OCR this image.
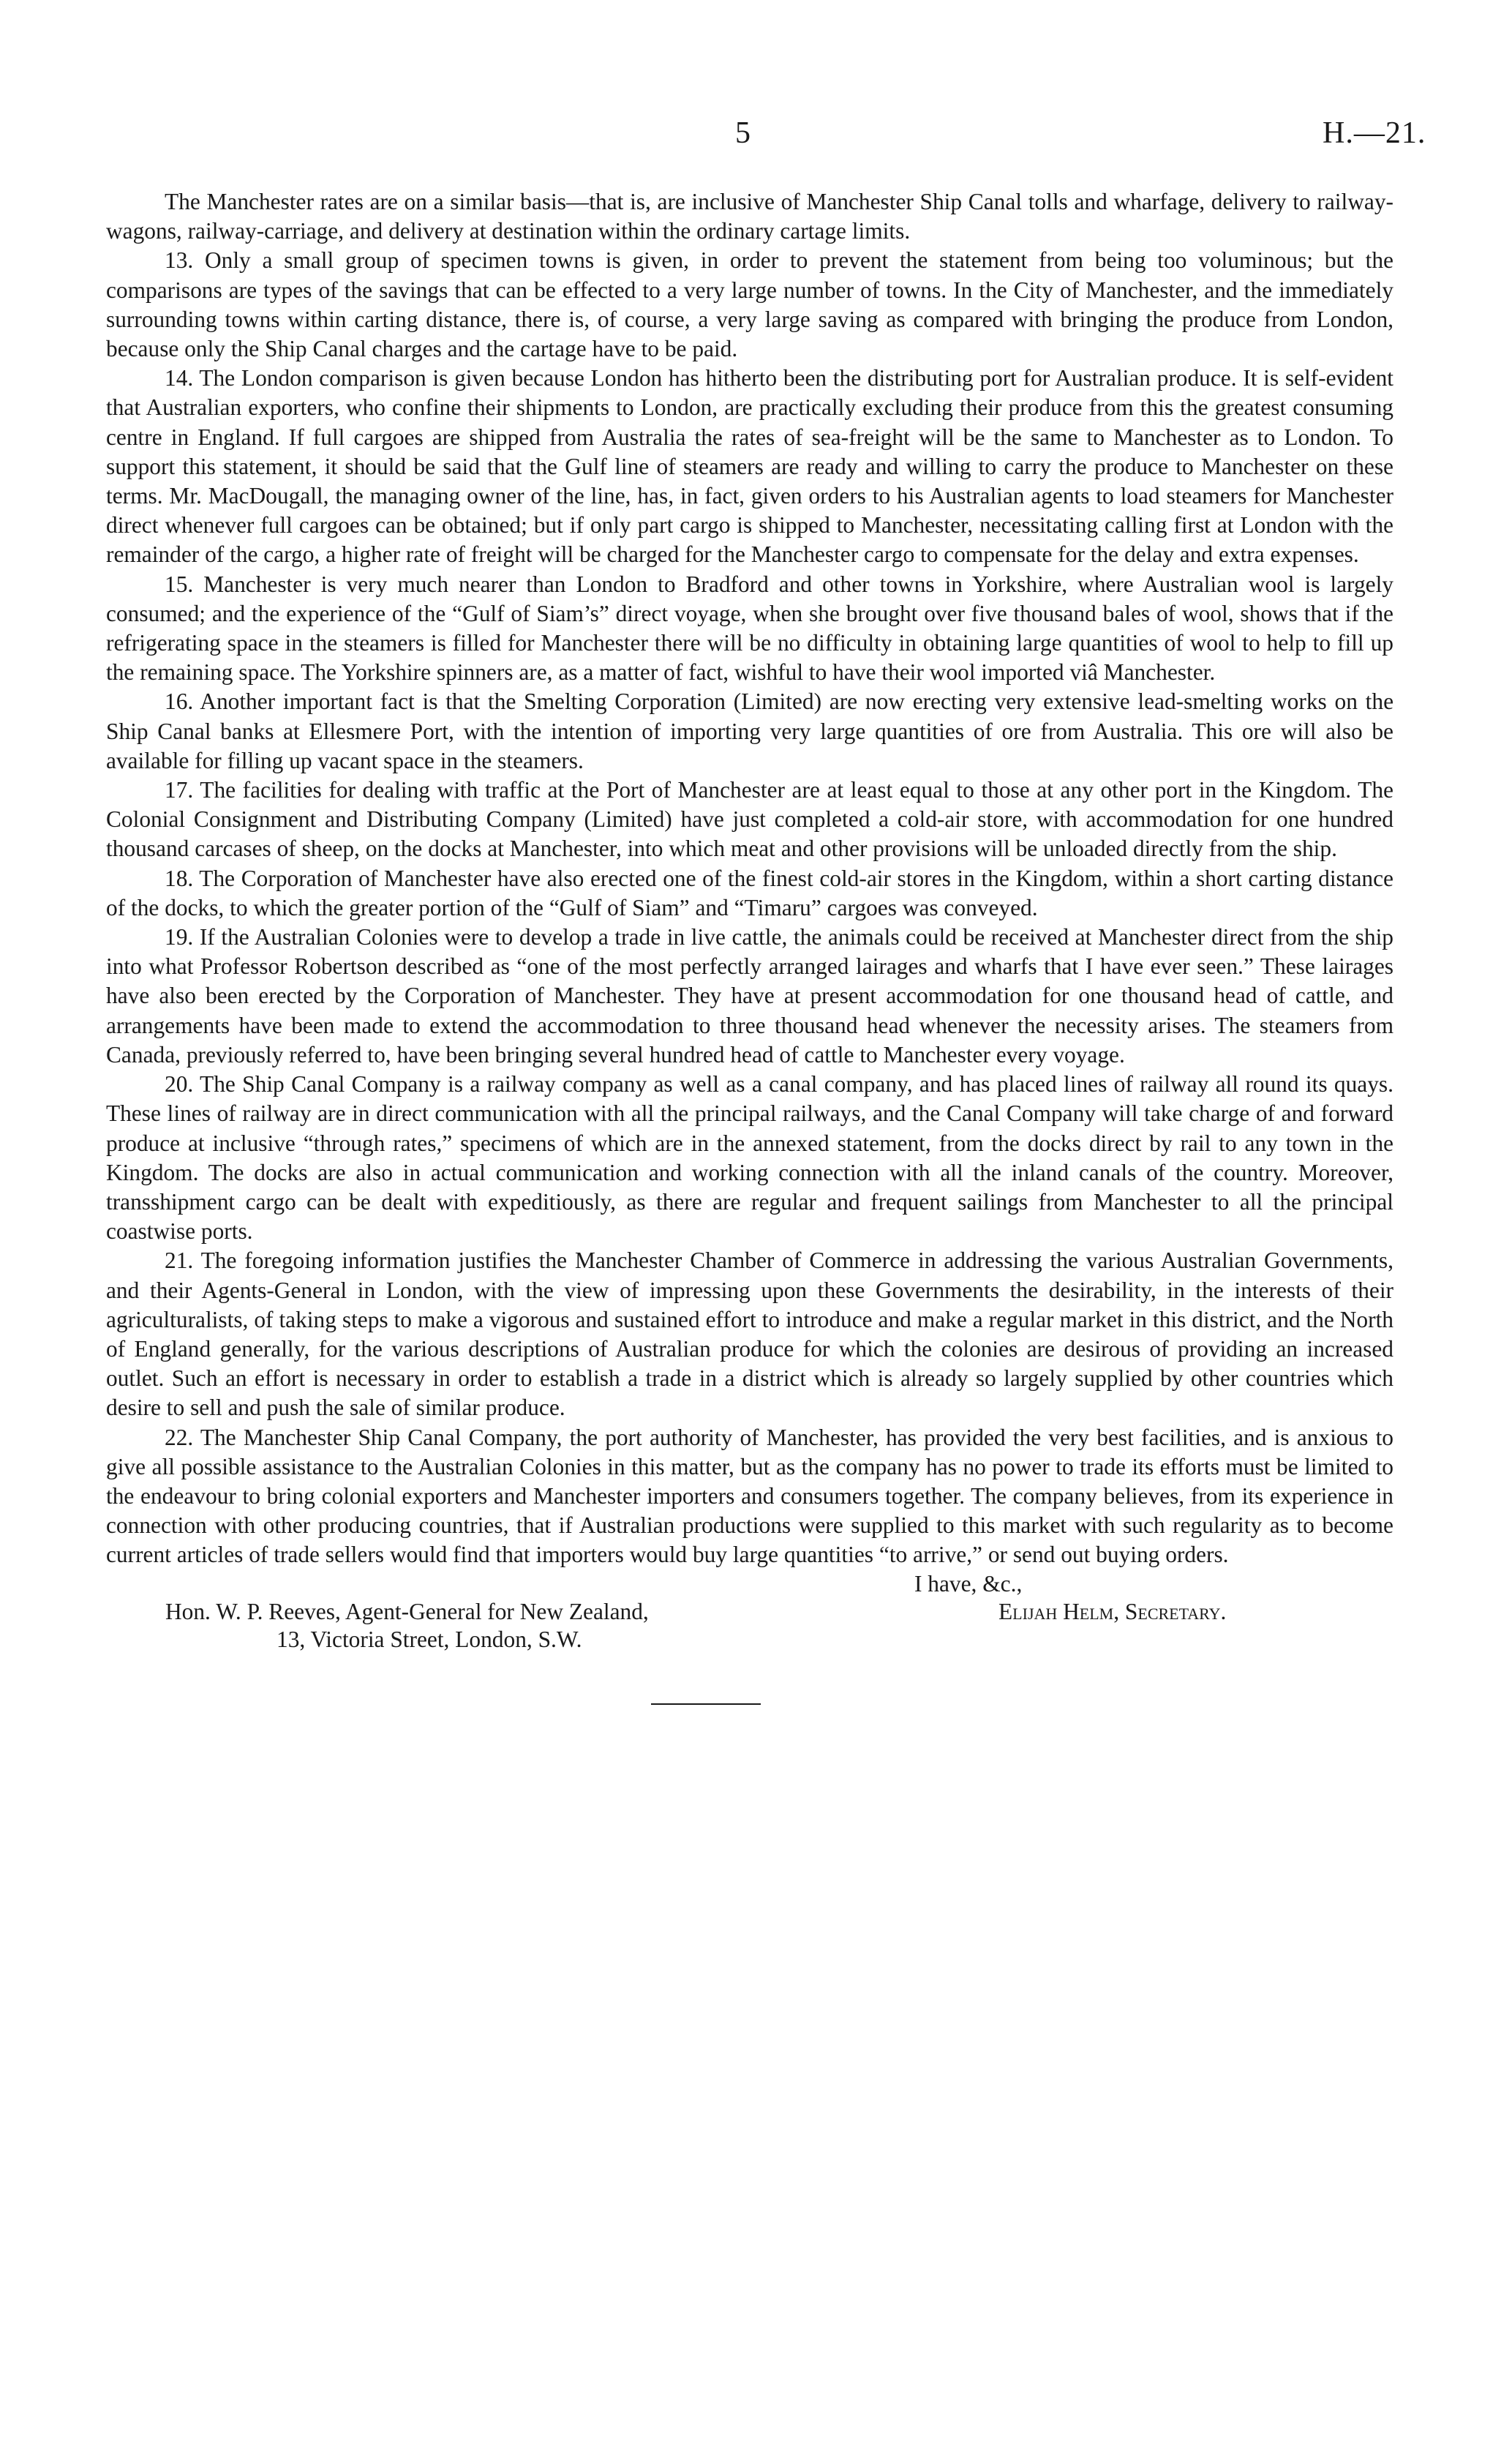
5	H.—21.

The Manchester rates are on a similar basis—that is, are inclusive of Manchester Ship Canal tolls and wharfage, delivery to railway-wagons, railway-carriage, and delivery at destination within the ordinary cartage limits.

13. Only a small group of specimen towns is given, in order to prevent the statement from being too voluminous; but the comparisons are types of the savings that can be effected to a very large number of towns. In the City of Manchester, and the immediately surrounding towns within carting distance, there is, of course, a very large saving as compared with bringing the produce from London, because only the Ship Canal charges and the cartage have to be paid.

14. The London comparison is given because London has hitherto been the distributing port for Australian produce. It is self-evident that Australian exporters, who confine their shipments to London, are practically excluding their produce from this the greatest consuming centre in England. If full cargoes are shipped from Australia the rates of sea-freight will be the same to Manchester as to London. To support this statement, it should be said that the Gulf line of steamers are ready and willing to carry the produce to Manchester on these terms. Mr. MacDougall, the managing owner of the line, has, in fact, given orders to his Australian agents to load steamers for Manchester direct whenever full cargoes can be obtained; but if only part cargo is shipped to Manchester, necessitating calling first at London with the remainder of the cargo, a higher rate of freight will be charged for the Manchester cargo to compensate for the delay and extra expenses.

15. Manchester is very much nearer than London to Bradford and other towns in Yorkshire, where Australian wool is largely consumed; and the experience of the “Gulf of Siam’s” direct voyage, when she brought over five thousand bales of wool, shows that if the refrigerating space in the steamers is filled for Manchester there will be no difficulty in obtaining large quantities of wool to help to fill up the remaining space. The Yorkshire spinners are, as a matter of fact, wishful to have their wool imported viâ Manchester.

16. Another important fact is that the Smelting Corporation (Limited) are now erecting very extensive lead-smelting works on the Ship Canal banks at Ellesmere Port, with the intention of importing very large quantities of ore from Australia. This ore will also be available for filling up vacant space in the steamers.

17. The facilities for dealing with traffic at the Port of Manchester are at least equal to those at any other port in the Kingdom. The Colonial Consignment and Distributing Company (Limited) have just completed a cold-air store, with accommodation for one hundred thousand carcases of sheep, on the docks at Manchester, into which meat and other provisions will be unloaded directly from the ship.

18. The Corporation of Manchester have also erected one of the finest cold-air stores in the Kingdom, within a short carting distance of the docks, to which the greater portion of the “Gulf of Siam” and “Timaru” cargoes was conveyed.

19. If the Australian Colonies were to develop a trade in live cattle, the animals could be received at Manchester direct from the ship into what Professor Robertson described as “one of the most perfectly arranged lairages and wharfs that I have ever seen.” These lairages have also been erected by the Corporation of Manchester. They have at present accommodation for one thousand head of cattle, and arrangements have been made to extend the accommodation to three thousand head whenever the necessity arises. The steamers from Canada, previously referred to, have been bringing several hundred head of cattle to Manchester every voyage.

20. The Ship Canal Company is a railway company as well as a canal company, and has placed lines of railway all round its quays. These lines of railway are in direct communication with all the principal railways, and the Canal Company will take charge of and forward produce at inclusive “through rates,” specimens of which are in the annexed statement, from the docks direct by rail to any town in the Kingdom. The docks are also in actual communication and working connection with all the inland canals of the country. Moreover, transshipment cargo can be dealt with expeditiously, as there are regular and frequent sailings from Manchester to all the principal coastwise ports.

21. The foregoing information justifies the Manchester Chamber of Commerce in addressing the various Australian Governments, and their Agents-General in London, with the view of impressing upon these Governments the desirability, in the interests of their agriculturalists, of taking steps to make a vigorous and sustained effort to introduce and make a regular market in this district, and the North of England generally, for the various descriptions of Australian produce for which the colonies are desirous of providing an increased outlet. Such an effort is necessary in order to establish a trade in a district which is already so largely supplied by other countries which desire to sell and push the sale of similar produce.

22. The Manchester Ship Canal Company, the port authority of Manchester, has provided the very best facilities, and is anxious to give all possible assistance to the Australian Colonies in this matter, but as the company has no power to trade its efforts must be limited to the endeavour to bring colonial exporters and Manchester importers and consumers together. The company believes, from its experience in connection with other producing countries, that if Australian productions were supplied to this market with such regularity as to become current articles of trade sellers would find that importers would buy large quantities “to arrive,” or send out buying orders.

I have, &c.,
Hon. W. P. Reeves, Agent-General for New Zealand,	Elijah Helm, Secretary.
13, Victoria Street, London, S.W.
